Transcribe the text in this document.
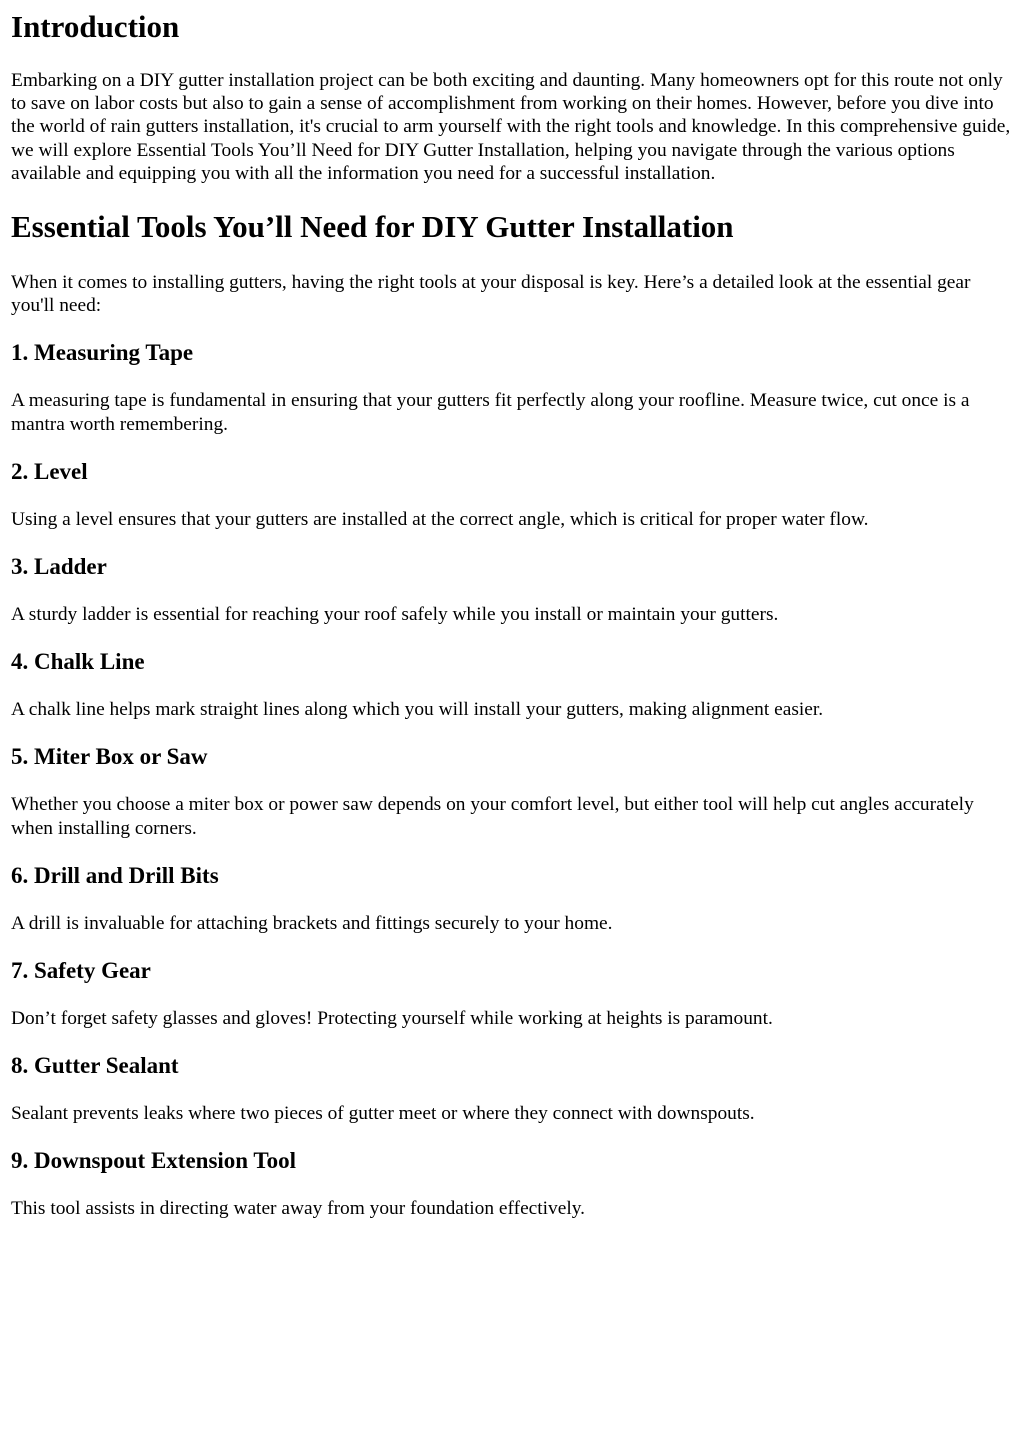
Introduction

Embarking on a DIY gutter installation project can be both exciting and daunting. Many homeowners opt for this route not only to save on labor costs but also to gain a sense of accomplishment from working on their homes. However, before you dive into the world of rain gutters installation, it's crucial to arm yourself with the right tools and knowledge. In this comprehensive guide, we will explore Essential Tools You’ll Need for DIY Gutter Installation, helping you navigate through the various options available and equipping you with all the information you need for a successful installation.

Essential Tools You’ll Need for DIY Gutter Installation

When it comes to installing gutters, having the right tools at your disposal is key. Here’s a detailed look at the essential gear you'll need:

1. Measuring Tape

A measuring tape is fundamental in ensuring that your gutters fit perfectly along your roofline. Measure twice, cut once is a mantra worth remembering.

2. Level

Using a level ensures that your gutters are installed at the correct angle, which is critical for proper water flow.

3. Ladder

A sturdy ladder is essential for reaching your roof safely while you install or maintain your gutters.

4. Chalk Line

A chalk line helps mark straight lines along which you will install your gutters, making alignment easier.

5. Miter Box or Saw

Whether you choose a miter box or power saw depends on your comfort level, but either tool will help cut angles accurately when installing corners.

6. Drill and Drill Bits

A drill is invaluable for attaching brackets and fittings securely to your home.

7. Safety Gear

Don’t forget safety glasses and gloves! Protecting yourself while working at heights is paramount.

8. Gutter Sealant

Sealant prevents leaks where two pieces of gutter meet or where they connect with downspouts.

9. Downspout Extension Tool

This tool assists in directing water away from your foundation effectively.
